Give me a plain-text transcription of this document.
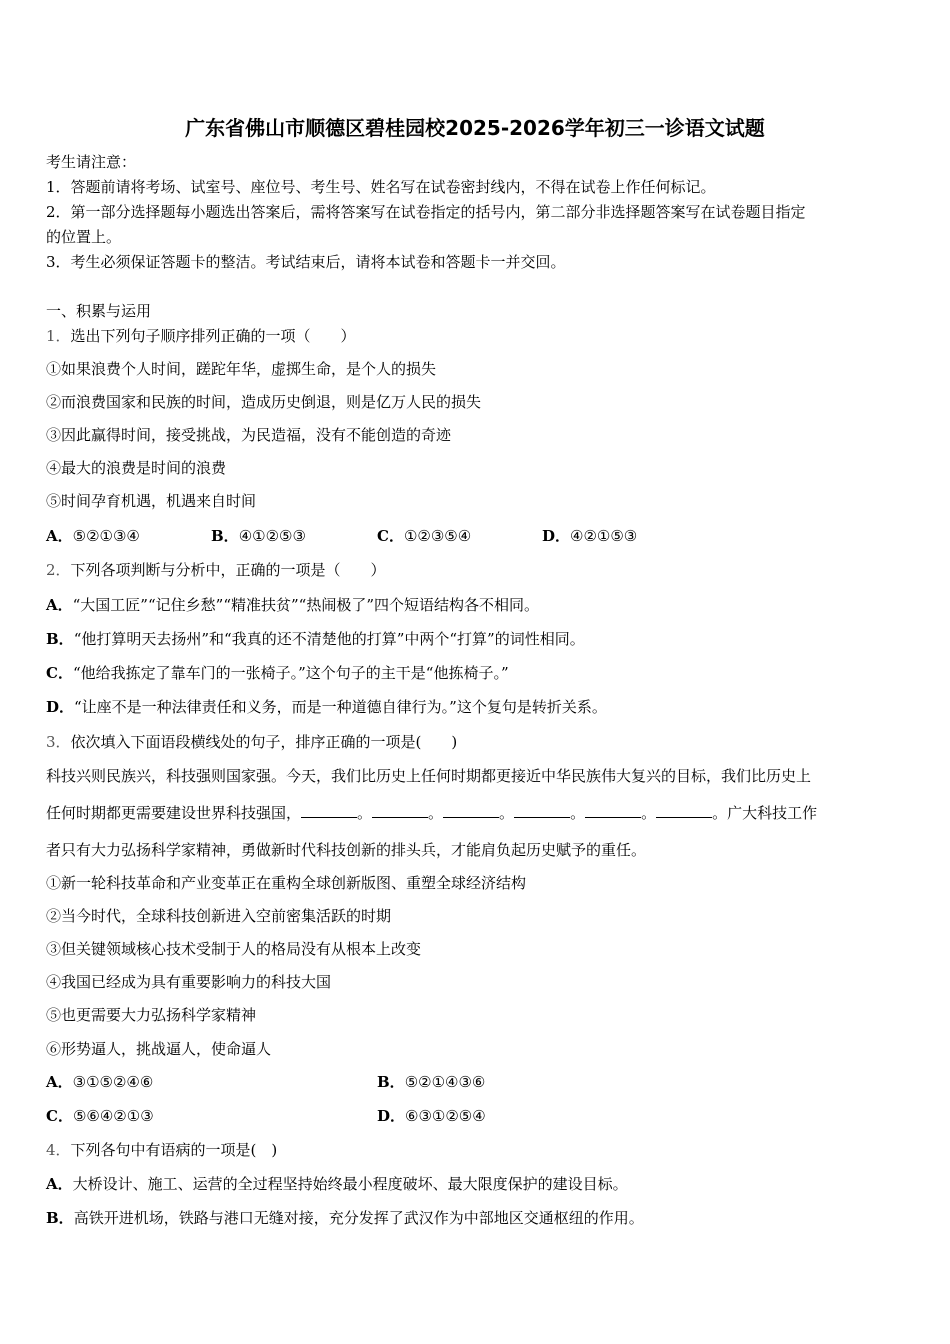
广东省佛山市顺德区碧桂园校2025-2026学年初三一诊语文试题
考生请注意：
1．答题前请将考场、试室号、座位号、考生号、姓名写在试卷密封线内，不得在试卷上作任何标记。
2．第一部分选择题每小题选出答案后，需将答案写在试卷指定的括号内，第二部分非选择题答案写在试卷题目指定
的位置上。
3．考生必须保证答题卡的整洁。考试结束后，请将本试卷和答题卡一并交回。
一、积累与运用
1．选出下列句子顺序排列正确的一项（　　）
①如果浪费个人时间，蹉跎年华，虚掷生命，是个人的损失
②而浪费国家和民族的时间，造成历史倒退，则是亿万人民的损失
③因此赢得时间，接受挑战，为民造福，没有不能创造的奇迹
④最大的浪费是时间的浪费
⑤时间孕育机遇，机遇来自时间
A．⑤②①③④	B．④①②⑤③	C．①②③⑤④	D．④②①⑤③
2．下列各项判断与分析中，正确的一项是（　　）
A．“大国工匠”“记住乡愁”“精准扶贫”“热闹极了”四个短语结构各不相同。
B．“他打算明天去扬州”和“我真的还不清楚他的打算”中两个“打算”的词性相同。
C．“他给我拣定了靠车门的一张椅子。”这个句子的主干是“他拣椅子。”
D．“让座不是一种法律责任和义务，而是一种道德自律行为。”这个复句是转折关系。
3．依次填入下面语段横线处的句子，排序正确的一项是(　　)
科技兴则民族兴，科技强则国家强。今天，我们比历史上任何时期都更接近中华民族伟大复兴的目标，我们比历史上
任何时期都更需要建设世界科技强国，	。	。	。	。	。	。广大科技工作
者只有大力弘扬科学家精神，勇做新时代科技创新的排头兵，才能肩负起历史赋予的重任。
①新一轮科技革命和产业变革正在重构全球创新版图、重塑全球经济结构
②当今时代，全球科技创新进入空前密集活跃的时期
③但关键领域核心技术受制于人的格局没有从根本上改变
④我国已经成为具有重要影响力的科技大国
⑤也更需要大力弘扬科学家精神
⑥形势逼人，挑战逼人，使命逼人
A．③①⑤②④⑥	B．⑤②①④③⑥
C．⑤⑥④②①③	D．⑥③①②⑤④
4．下列各句中有语病的一项是(　)
A．大桥设计、施工、运营的全过程坚持始终最小程度破坏、最大限度保护的建设目标。
B．高铁开进机场，铁路与港口无缝对接，充分发挥了武汉作为中部地区交通枢纽的作用。
